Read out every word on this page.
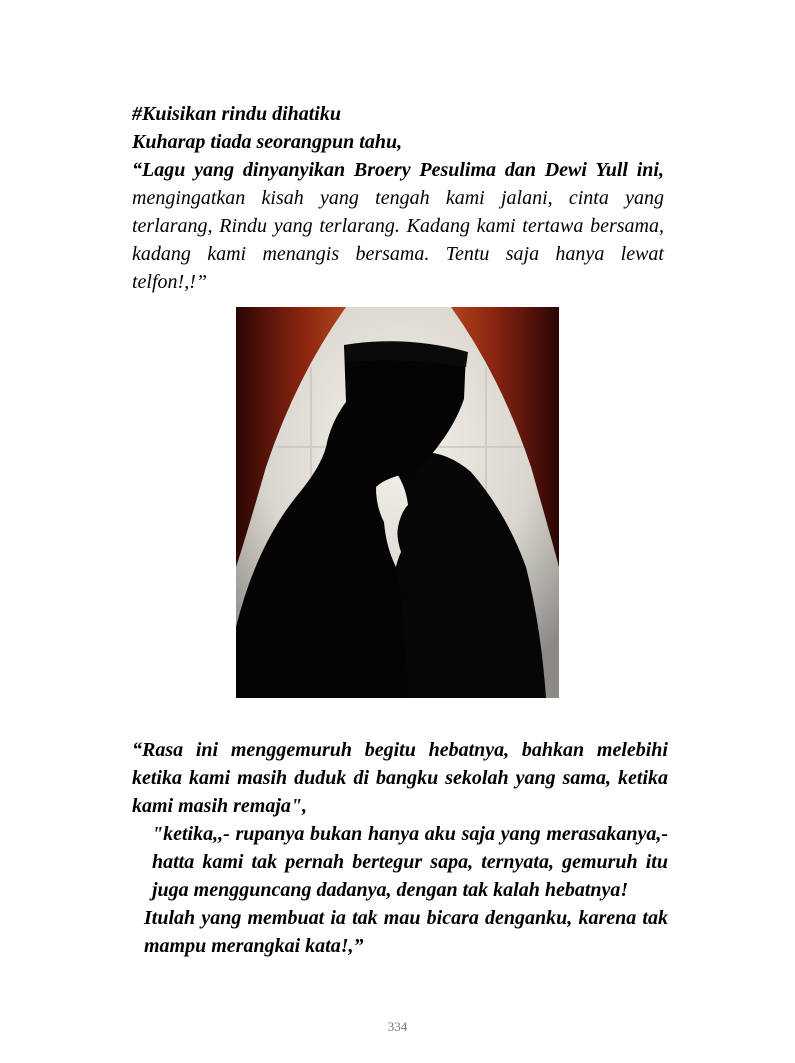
#Kuisikan rindu dihatiku

Kuharap tiada seorangpun tahu,

“Lagu yang dinyanyikan Broery Pesulima dan Dewi Yull ini, mengingatkan kisah yang tengah kami jalani, cinta yang terlarang, Rindu yang terlarang. Kadang kami tertawa bersama, kadang kami menangis bersama. Tentu saja hanya lewat telfon!,!”

“Rasa ini menggemuruh begitu hebatnya, bahkan melebihi ketika kami masih duduk di bangku sekolah yang sama, ketika kami masih remaja",

"ketika,,- rupanya bukan hanya aku saja yang merasakanya,- hatta kami tak pernah bertegur sapa, ternyata, gemuruh itu juga mengguncang dadanya, dengan tak kalah hebatnya!

Itulah yang membuat ia tak mau bicara denganku, karena tak mampu merangkai kata!,”

334
